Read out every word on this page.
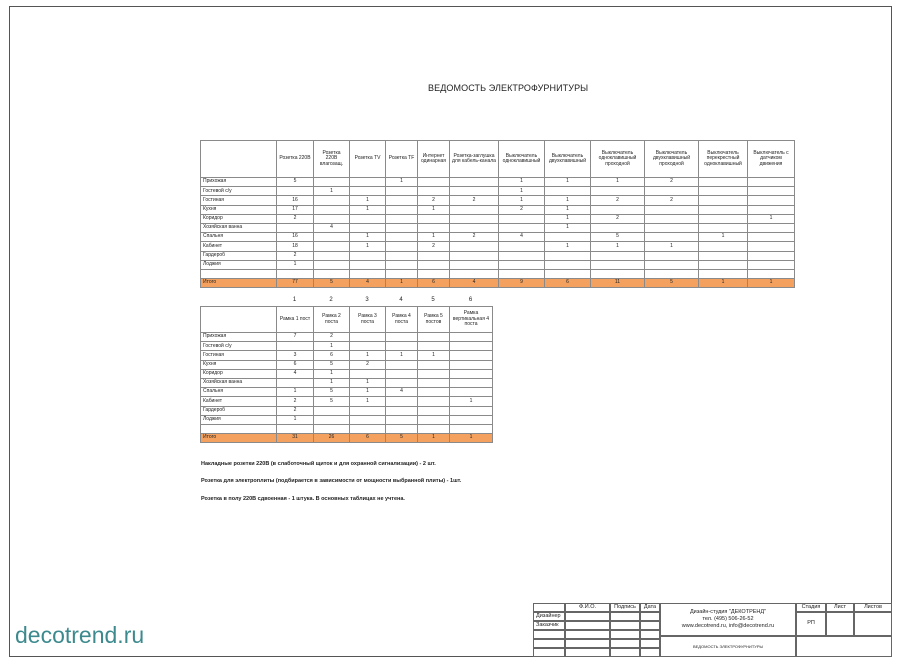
ВЕДОМОСТЬ ЭЛЕКТРОФУРНИТУРЫ
	Розетка 220В	Розетка 220В влагозащ.	Розетка TV	Розетка TF	Интернет одинарная	Розетка-заглушка для кабель-канала	Выключатель одноклавишный	Выключатель двухклавишный	Выключатель одноклавишный проходной	Выключатель двухклавишный проходной	Выключатель перекрестный одноклавишный	Выключатель с датчиком движения
Прихожая	5			1			1	1	1	2		
Гостевой с/у		1					1					
Гостиная	16		1		2	2	1	1	2	2		
Кухня	17		1		1		2	1				
Коридор	2							1	2			1
Хозяйская ванна		4						1				
Спальня	16		1		1	2	4		5		1	
Кабинет	18		1		2			1	1	1		
Гардероб	2											
Лоджия	1											

Итого	77	5	4	1	6	4	9	6	11	5	1	1
1	2	3	4	5	6
	Рамка 1 пост	Рамка 2 поста	Рамка 3 поста	Рамка 4 поста	Рамка 5 постов	Рамка вертикальная 4 поста
Прихожая	7	2				
Гостевой с/у		1				
Гостиная	3	6	1	1	1	
Кухня	6	5	2			
Коридор	4	1				
Хозяйская ванна		1	1			
Спальня	1	5	1	4		
Кабинет	2	5	1			1
Гардероб	2					
Лоджия	1					

Итого	31	26	6	5	1	1
Накладные розетки 220В (в слаботочный щиток и для охранной сигнализации) - 2 шт.
Розетка для электроплиты (подбирается в зависимости от мощности выбранной плиты) - 1шт.
Розетка в полу 220В сдвоенная - 1 штука. В основных таблицах не учтена.
Ф.И.О.	Подпись	Дата
Дизайнер
Заказчик
Дизайн-студия "ДЕКОТРЕНД"
тел. (495) 506-26-52
www.decotrend.ru, info@decotrend.ru
ВЕДОМОСТЬ ЭЛЕКТРОФУРНИТУРЫ
Стадия	Лист	Листов
РП
decotrend.ru
